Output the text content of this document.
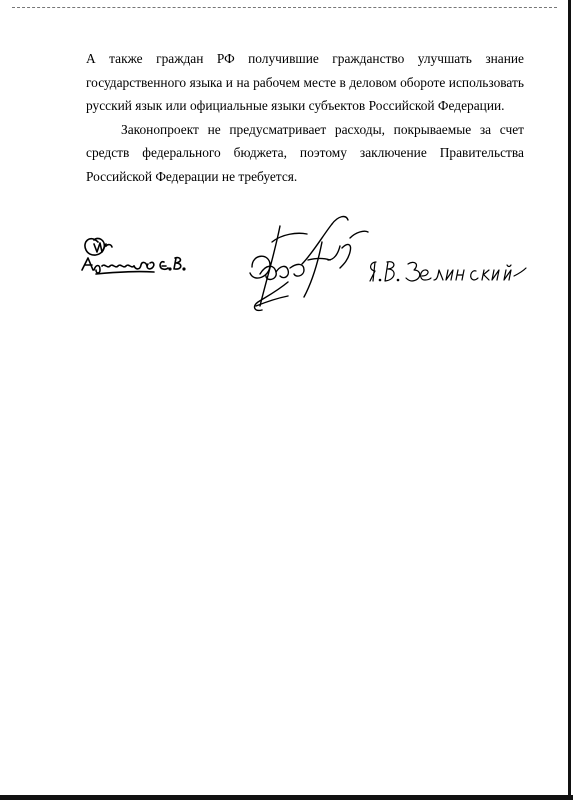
А также граждан РФ получившие гражданство улучшать знание государственного языка и на рабочем месте в деловом обороте использовать русский язык или официальные языки субъектов Российской Федерации.

Законопроект не предусматривает расходы, покрываемые за счет средств федерального бюджета, поэтому заключение Правительства Российской Федерации не требуется.
